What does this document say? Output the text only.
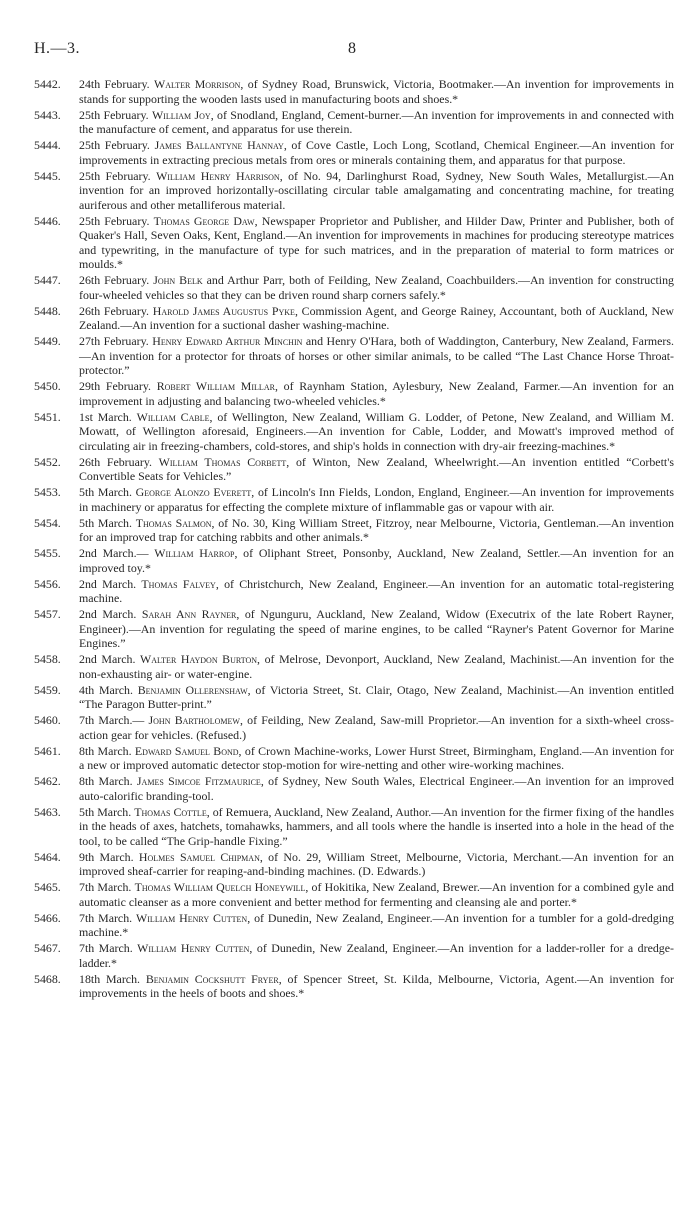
H.—3.	8
5442. 24th February. Walter Morrison, of Sydney Road, Brunswick, Victoria, Bootmaker.—An invention for improvements in stands for supporting the wooden lasts used in manufacturing boots and shoes.*
5443. 25th February. William Joy, of Snodland, England, Cement-burner.—An invention for improvements in and connected with the manufacture of cement, and apparatus for use therein.
5444. 25th February. James Ballantyne Hannay, of Cove Castle, Loch Long, Scotland, Chemical Engineer.—An invention for improvements in extracting precious metals from ores or minerals containing them, and apparatus for that purpose.
5445. 25th February. William Henry Harrison, of No. 94, Darlinghurst Road, Sydney, New South Wales, Metallurgist.—An invention for an improved horizontally-oscillating circular table amalgamating and concentrating machine, for treating auriferous and other metalliferous material.
5446. 25th February. Thomas George Daw, Newspaper Proprietor and Publisher, and Hilder Daw, Printer and Publisher, both of Quaker's Hall, Seven Oaks, Kent, England.—An invention for improvements in machines for producing stereotype matrices and typewriting, in the manufacture of type for such matrices, and in the preparation of material to form matrices or moulds.*
5447. 26th February. John Belk and Arthur Parr, both of Feilding, New Zealand, Coachbuilders.—An invention for constructing four-wheeled vehicles so that they can be driven round sharp corners safely.*
5448. 26th February. Harold James Augustus Pyke, Commission Agent, and George Rainey, Accountant, both of Auckland, New Zealand.—An invention for a suctional dasher washing-machine.
5449. 27th February. Henry Edward Arthur Minchin and Henry O'Hara, both of Waddington, Canterbury, New Zealand, Farmers.—An invention for a protector for throats of horses or other similar animals, to be called “The Last Chance Horse Throat-protector.”
5450. 29th February. Robert William Millar, of Raynham Station, Aylesbury, New Zealand, Farmer.—An invention for an improvement in adjusting and balancing two-wheeled vehicles.*
5451. 1st March. William Cable, of Wellington, New Zealand, William G. Lodder, of Petone, New Zealand, and William M. Mowatt, of Wellington aforesaid, Engineers.—An invention for Cable, Lodder, and Mowatt's improved method of circulating air in freezing-chambers, cold-stores, and ship's holds in connection with dry-air freezing-machines.*
5452. 26th February. William Thomas Corbett, of Winton, New Zealand, Wheelwright.—An invention entitled “Corbett's Convertible Seats for Vehicles.”
5453. 5th March. George Alonzo Everett, of Lincoln's Inn Fields, London, England, Engineer.—An invention for improvements in machinery or apparatus for effecting the complete mixture of inflammable gas or vapour with air.
5454. 5th March. Thomas Salmon, of No. 30, King William Street, Fitzroy, near Melbourne, Victoria, Gentleman.—An invention for an improved trap for catching rabbits and other animals.*
5455. 2nd March.— William Harrop, of Oliphant Street, Ponsonby, Auckland, New Zealand, Settler.—An invention for an improved toy.*
5456. 2nd March. Thomas Falvey, of Christchurch, New Zealand, Engineer.—An invention for an automatic total-registering machine.
5457. 2nd March. Sarah Ann Rayner, of Ngunguru, Auckland, New Zealand, Widow (Executrix of the late Robert Rayner, Engineer).—An invention for regulating the speed of marine engines, to be called “Rayner's Patent Governor for Marine Engines.”
5458. 2nd March. Walter Haydon Burton, of Melrose, Devonport, Auckland, New Zealand, Machinist.—An invention for the non-exhausting air- or water-engine.
5459. 4th March. Benjamin Ollerenshaw, of Victoria Street, St. Clair, Otago, New Zealand, Machinist.—An invention entitled “The Paragon Butter-print.”
5460. 7th March.— John Bartholomew, of Feilding, New Zealand, Saw-mill Proprietor.—An invention for a sixth-wheel cross-action gear for vehicles. (Refused.)
5461. 8th March. Edward Samuel Bond, of Crown Machine-works, Lower Hurst Street, Birmingham, England.—An invention for a new or improved automatic detector stop-motion for wire-netting and other wire-working machines.
5462. 8th March. James Simcoe Fitzmaurice, of Sydney, New South Wales, Electrical Engineer.—An invention for an improved auto-calorific branding-tool.
5463. 5th March. Thomas Cottle, of Remuera, Auckland, New Zealand, Author.—An invention for the firmer fixing of the handles in the heads of axes, hatchets, tomahawks, hammers, and all tools where the handle is inserted into a hole in the head of the tool, to be called “The Grip-handle Fixing.”
5464. 9th March. Holmes Samuel Chipman, of No. 29, William Street, Melbourne, Victoria, Merchant.—An invention for an improved sheaf-carrier for reaping-and-binding machines. (D. Edwards.)
5465. 7th March. Thomas William Quelch Honeywill, of Hokitika, New Zealand, Brewer.—An invention for a combined gyle and automatic cleanser as a more convenient and better method for fermenting and cleansing ale and porter.*
5466. 7th March. William Henry Cutten, of Dunedin, New Zealand, Engineer.—An invention for a tumbler for a gold-dredging machine.*
5467. 7th March. William Henry Cutten, of Dunedin, New Zealand, Engineer.—An invention for a ladder-roller for a dredge-ladder.*
5468. 18th March. Benjamin Cockshutt Fryer, of Spencer Street, St. Kilda, Melbourne, Victoria, Agent.—An invention for improvements in the heels of boots and shoes.*
